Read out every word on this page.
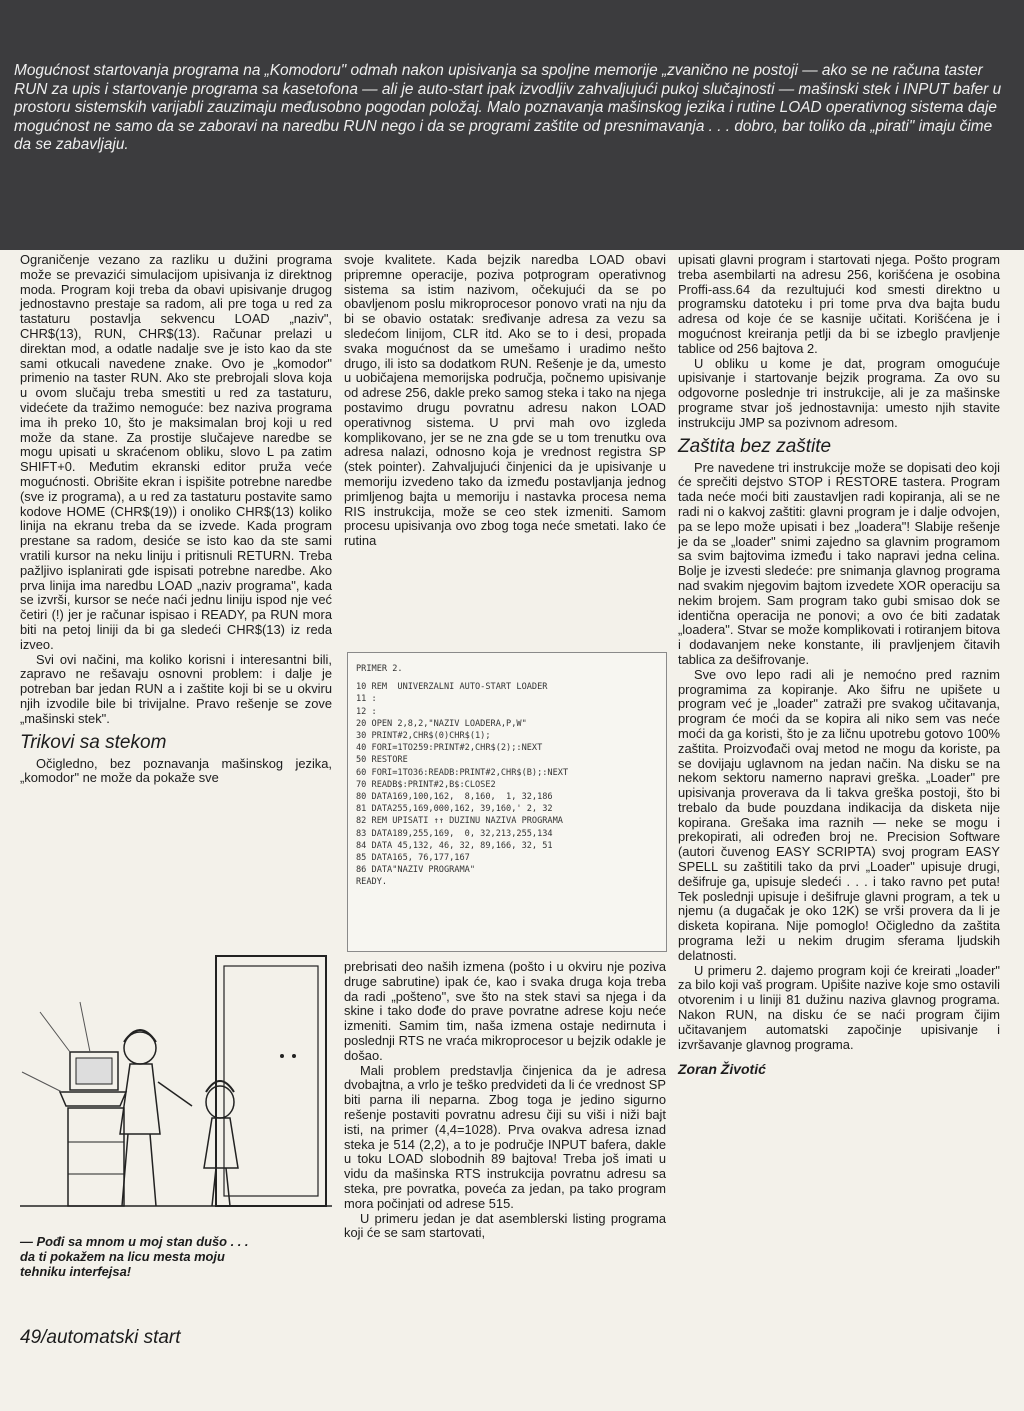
Mogućnost startovanja programa na „Komodoru" odmah nakon upisivanja sa spoljne memorije „zvanično ne postoji — ako se ne računa taster RUN za upis i startovanje programa sa kasetofona — ali je auto-start ipak izvodljiv zahvaljujući pukoj slučajnosti — mašinski stek i INPUT bafer u prostoru sistemskih varijabli zauzimaju međusobno pogodan položaj. Malo poznavanja mašinskog jezika i rutine LOAD operativnog sistema daje mogućnost ne samo da se zaboravi na naredbu RUN nego i da se programi zaštite od presnimavanja . . . dobro, bar toliko da „pirati" imaju čime da se zabavljaju.

Ograničenje vezano za razliku u dužini programa može se prevazići simulacijom upisivanja iz direktnog moda. Program koji treba da obavi upisivanje drugog jednostavno prestaje sa radom, ali pre toga u red za tastaturu postavlja sekvencu LOAD „naziv", CHR$(13), RUN, CHR$(13). Računar prelazi u direktan mod, a odatle nadalje sve je isto kao da ste sami otkucali navedene znake. Ovo je „komodor" primenio na taster RUN. Ako ste prebrojali slova koja u ovom slučaju treba smestiti u red za tastaturu, videćete da tražimo nemoguće: bez naziva programa ima ih preko 10, što je maksimalan broj koji u red može da stane. Za prostije slučajeve naredbe se mogu upisati u skraćenom obliku, slovo L pa zatim SHIFT+0. Međutim ekranski editor pruža veće mogućnosti. Obrišite ekran i ispišite potrebne naredbe (sve iz programa), a u red za tastaturu postavite samo kodove HOME (CHR$(19)) i onoliko CHR$(13) koliko linija na ekranu treba da se izvede. Kada program prestane sa radom, desiće se isto kao da ste sami vratili kursor na neku liniju i pritisnuli RETURN. Treba pažljivo isplanirati gde ispisati potrebne naredbe. Ako prva linija ima naredbu LOAD „naziv programa", kada se izvrši, kursor se neće naći jednu liniju ispod nje već četiri (!) jer je računar ispisao i READY, pa RUN mora biti na petoj liniji da bi ga sledeći CHR$(13) iz reda izveo.

Svi ovi načini, ma koliko korisni i interesantni bili, zapravo ne rešavaju osnovni problem: i dalje je potreban bar jedan RUN a i zaštite koji bi se u okviru njih izvodile bile bi trivijalne. Pravo rešenje se zove „mašinski stek".

Trikovi sa stekom

Očigledno, bez poznavanja mašinskog jezika, „komodor" ne može da pokaže sve

— Pođi sa mnom u moj stan dušo . . .

da ti pokažem na licu mesta moju

tehniku interfejsa!

49/automatski start

svoje kvalitete. Kada bejzik naredba LOAD obavi pripremne operacije, poziva potprogram operativnog sistema sa istim nazivom, očekujući da se po obavljenom poslu mikroprocesor ponovo vrati na nju da bi se obavio ostatak: sređivanje adresa za vezu sa sledećom linijom, CLR itd. Ako se to i desi, propada svaka mogućnost da se umešamo i uradimo nešto drugo, ili isto sa dodatkom RUN. Rešenje je da, umesto u uobičajena memorijska područja, počnemo upisivanje od adrese 256, dakle preko samog steka i tako na njega postavimo drugu povratnu adresu nakon LOAD operativnog sistema. U prvi mah ovo izgleda komplikovano, jer se ne zna gde se u tom trenutku ova adresa nalazi, odnosno koja je vrednost registra SP (stek pointer). Zahvaljujući činjenici da je upisivanje u memoriju izvedeno tako da između postavljanja jednog primljenog bajta u memoriju i nastavka procesa nema RIS instrukcija, može se ceo stek izmeniti. Samom procesu upisivanja ovo zbog toga neće smetati. Iako će rutina

PRIMER 2.
10 REM  UNIVERZALNI AUTO-START LOADER
11 :
12 :
20 OPEN 2,8,2,"NAZIV LOADERA,P,W"
30 PRINT#2,CHR$(0)CHR$(1);
40 FORI=1TO259:PRINT#2,CHR$(2);:NEXT
50 RESTORE
60 FORI=1TO36:READB:PRINT#2,CHR$(B);:NEXT
70 READB$:PRINT#2,B$:CLOSE2
80 DATA169,100,162,  8,160,  1, 32,186
81 DATA255,169,000,162, 39,160,' 2, 32
82 REM UPISATI ↑↑ DUZINU NAZIVA PROGRAMA
83 DATA189,255,169,  0, 32,213,255,134
84 DATA 45,132, 46, 32, 89,166, 32, 51
85 DATA165, 76,177,167
86 DATA"NAZIV PROGRAMA"
READY.

prebrisati deo naših izmena (pošto i u okviru nje poziva druge sabrutine) ipak će, kao i svaka druga koja treba da radi „pošteno", sve što na stek stavi sa njega i da skine i tako dođe do prave povratne adrese koju neće izmeniti. Samim tim, naša izmena ostaje nedirnuta i poslednji RTS ne vraća mikroprocesor u bejzik odakle je došao.

Mali problem predstavlja činjenica da je adresa dvobajtna, a vrlo je teško predvideti da li će vrednost SP biti parna ili neparna. Zbog toga je jedino sigurno rešenje postaviti povratnu adresu čiji su viši i niži bajt isti, na primer (4,4=1028). Prva ovakva adresa iznad steka je 514 (2,2), a to je područje INPUT bafera, dakle u toku LOAD slobodnih 89 bajtova! Treba još imati u vidu da mašinska RTS instrukcija povratnu adresu sa steka, pre povratka, poveća za jedan, pa tako program mora počinjati od adrese 515.

U primeru jedan je dat asemblerski listing programa koji će se sam startovati,

upisati glavni program i startovati njega. Pošto program treba asembilarti na adresu 256, korišćena je osobina Proffi-ass.64 da rezultujući kod smesti direktno u programsku datoteku i pri tome prva dva bajta budu adresa od koje će se kasnije učitati. Korišćena je i mogućnost kreiranja petlji da bi se izbeglo pravljenje tablice od 256 bajtova 2.

U obliku u kome je dat, program omogućuje upisivanje i startovanje bejzik programa. Za ovo su odgovorne poslednje tri instrukcije, ali je za mašinske programe stvar još jednostavnija: umesto njih stavite instrukciju JMP sa pozivnom adresom.

Zaštita bez zaštite

Pre navedene tri instrukcije može se dopisati deo koji će sprečiti dejstvo STOP i RESTORE tastera. Program tada neće moći biti zaustavljen radi kopiranja, ali se ne radi ni o kakvoj zaštiti: glavni program je i dalje odvojen, pa se lepo može upisati i bez „loadera"! Slabije rešenje je da se „loader" snimi zajedno sa glavnim programom sa svim bajtovima između i tako napravi jedna celina. Bolje je izvesti sledeće: pre snimanja glavnog programa nad svakim njegovim bajtom izvedete XOR operaciju sa nekim brojem. Sam program tako gubi smisao dok se identična operacija ne ponovi; a ovo će biti zadatak „loadera". Stvar se može komplikovati i rotiranjem bitova i dodavanjem neke konstante, ili pravljenjem čitavih tablica za dešifrovanje.

Sve ovo lepo radi ali je nemoćno pred raznim programima za kopiranje. Ako šifru ne upišete u program već je „loader" zatraži pre svakog učitavanja, program će moći da se kopira ali niko sem vas neće moći da ga koristi, što je za ličnu upotrebu gotovo 100% zaštita. Proizvođači ovaj metod ne mogu da koriste, pa se dovijaju uglavnom na jedan način. Na disku se na nekom sektoru namerno napravi greška. „Loader" pre upisivanja proverava da li takva greška postoji, što bi trebalo da bude pouzdana indikacija da disketa nije kopirana. Grešaka ima raznih — neke se mogu i prekopirati, ali određen broj ne. Precision Software (autori čuvenog EASY SCRIPTA) svoj program EASY SPELL su zaštitili tako da prvi „Loader" upisuje drugi, dešifruje ga, upisuje sledeći . . . i tako ravno pet puta! Tek poslednji upisuje i dešifruje glavni program, a tek u njemu (a dugačak je oko 12K) se vrši provera da li je disketa kopirana. Nije pomoglo! Očigledno da zaštita programa leži u nekim drugim sferama ljudskih delatnosti.

U primeru 2. dajemo program koji će kreirati „loader" za bilo koji vaš program. Upišite nazive koje smo ostavili otvorenim i u liniji 81 dužinu naziva glavnog programa. Nakon RUN, na disku će se naći program čijim učitavanjem automatski započinje upisivanje i izvršavanje glavnog programa.

Zoran Životić
